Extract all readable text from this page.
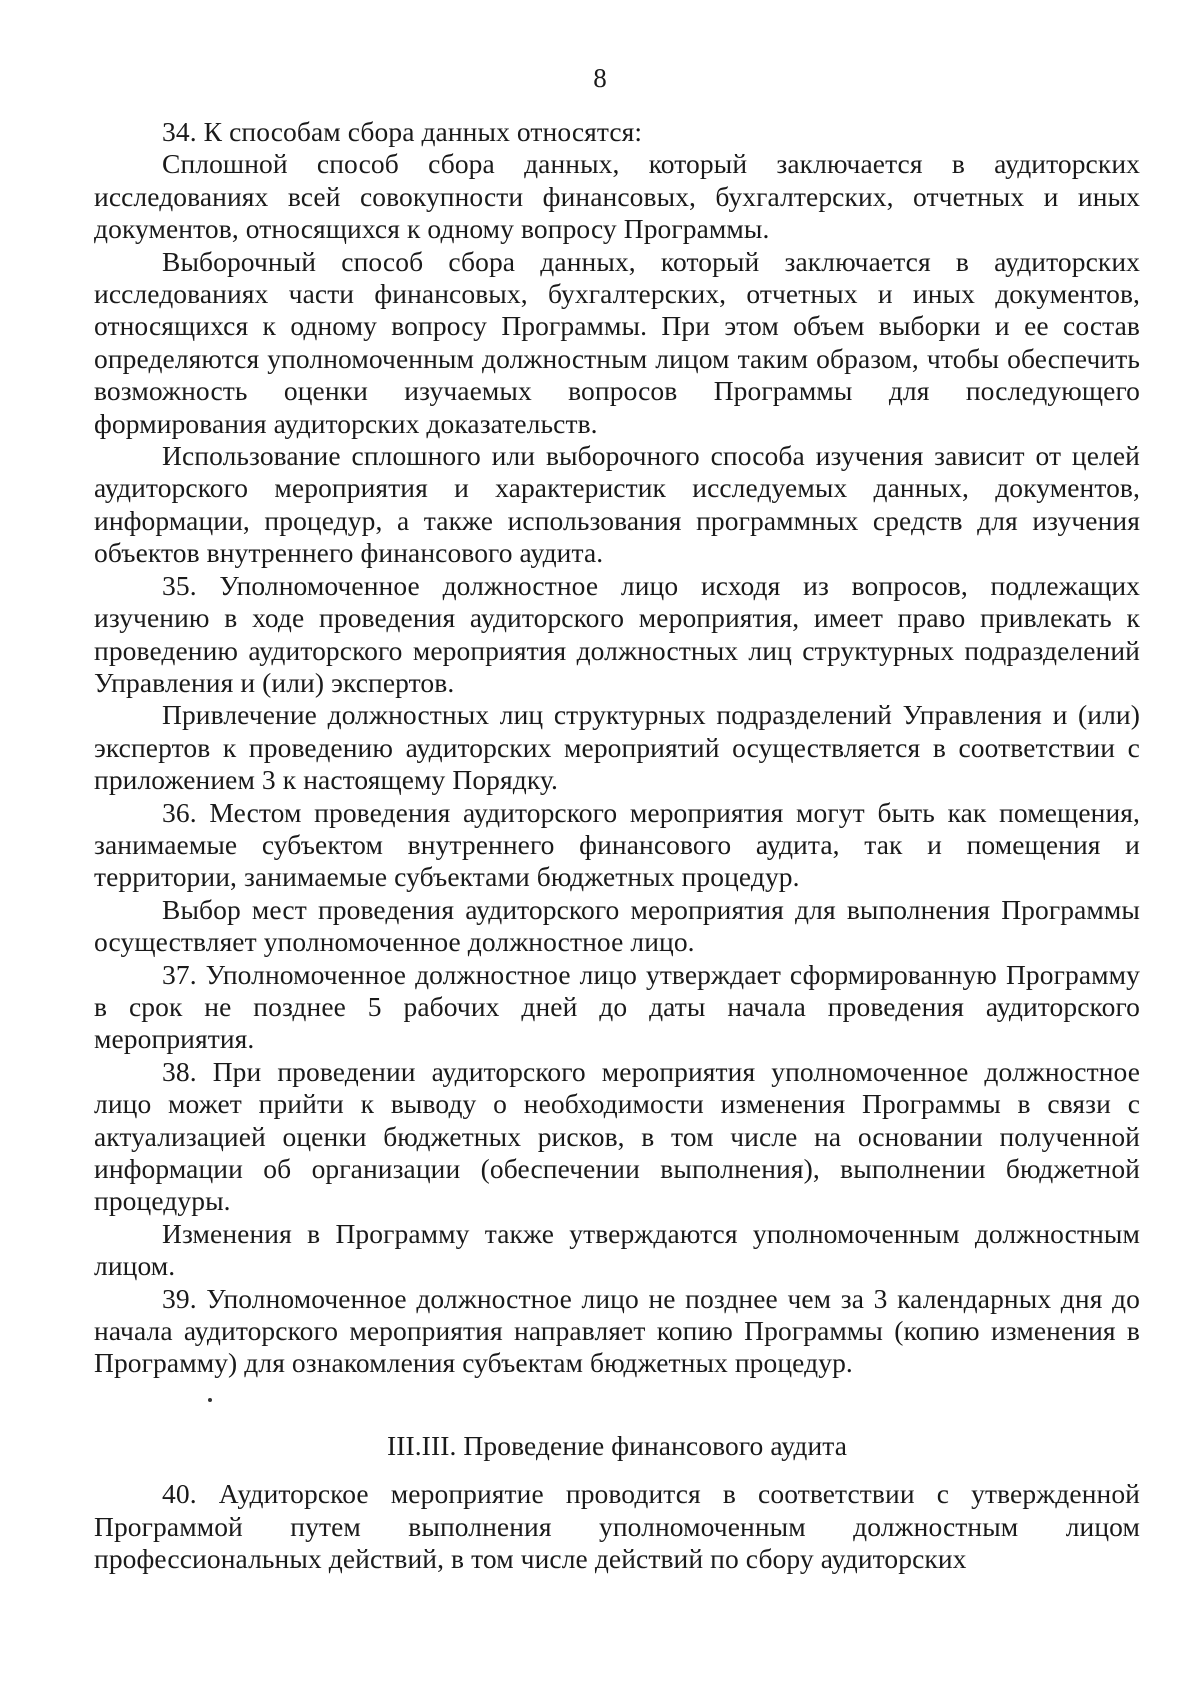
8

34. К способам сбора данных относятся:

Сплошной способ сбора данных, который заключается в аудиторских исследованиях всей совокупности финансовых, бухгалтерских, отчетных и иных документов, относящихся к одному вопросу Программы.

Выборочный способ сбора данных, который заключается в аудиторских исследованиях части финансовых, бухгалтерских, отчетных и иных документов, относящихся к одному вопросу Программы. При этом объем выборки и ее состав определяются уполномоченным должностным лицом таким образом, чтобы обеспечить возможность оценки изучаемых вопросов Программы для последующего формирования аудиторских доказательств.

Использование сплошного или выборочного способа изучения зависит от целей аудиторского мероприятия и характеристик исследуемых данных, документов, информации, процедур, а также использования программных средств для изучения объектов внутреннего финансового аудита.

35. Уполномоченное должностное лицо исходя из вопросов, подлежащих изучению в ходе проведения аудиторского мероприятия, имеет право привлекать к проведению аудиторского мероприятия должностных лиц структурных подразделений Управления и (или) экспертов.

Привлечение должностных лиц структурных подразделений Управления и (или) экспертов к проведению аудиторских мероприятий осуществляется в соответствии с приложением 3 к настоящему Порядку.

36. Местом проведения аудиторского мероприятия могут быть как помещения, занимаемые субъектом внутреннего финансового аудита, так и помещения и территории, занимаемые субъектами бюджетных процедур.

Выбор мест проведения аудиторского мероприятия для выполнения Программы осуществляет уполномоченное должностное лицо.

37. Уполномоченное должностное лицо утверждает сформированную Программу в срок не позднее 5 рабочих дней до даты начала проведения аудиторского мероприятия.

38. При проведении аудиторского мероприятия уполномоченное должностное лицо может прийти к выводу о необходимости изменения Программы в связи с актуализацией оценки бюджетных рисков, в том числе на основании полученной информации об организации (обеспечении выполнения), выполнении бюджетной процедуры.

Изменения в Программу также утверждаются уполномоченным должностным лицом.

39. Уполномоченное должностное лицо не позднее чем за 3 календарных дня до начала аудиторского мероприятия направляет копию Программы (копию изменения в Программу) для ознакомления субъектам бюджетных процедур.

III.III. Проведение финансового аудита

40. Аудиторское мероприятие проводится в соответствии с утвержденной Программой путем выполнения уполномоченным должностным лицом профессиональных действий, в том числе действий по сбору аудиторских
